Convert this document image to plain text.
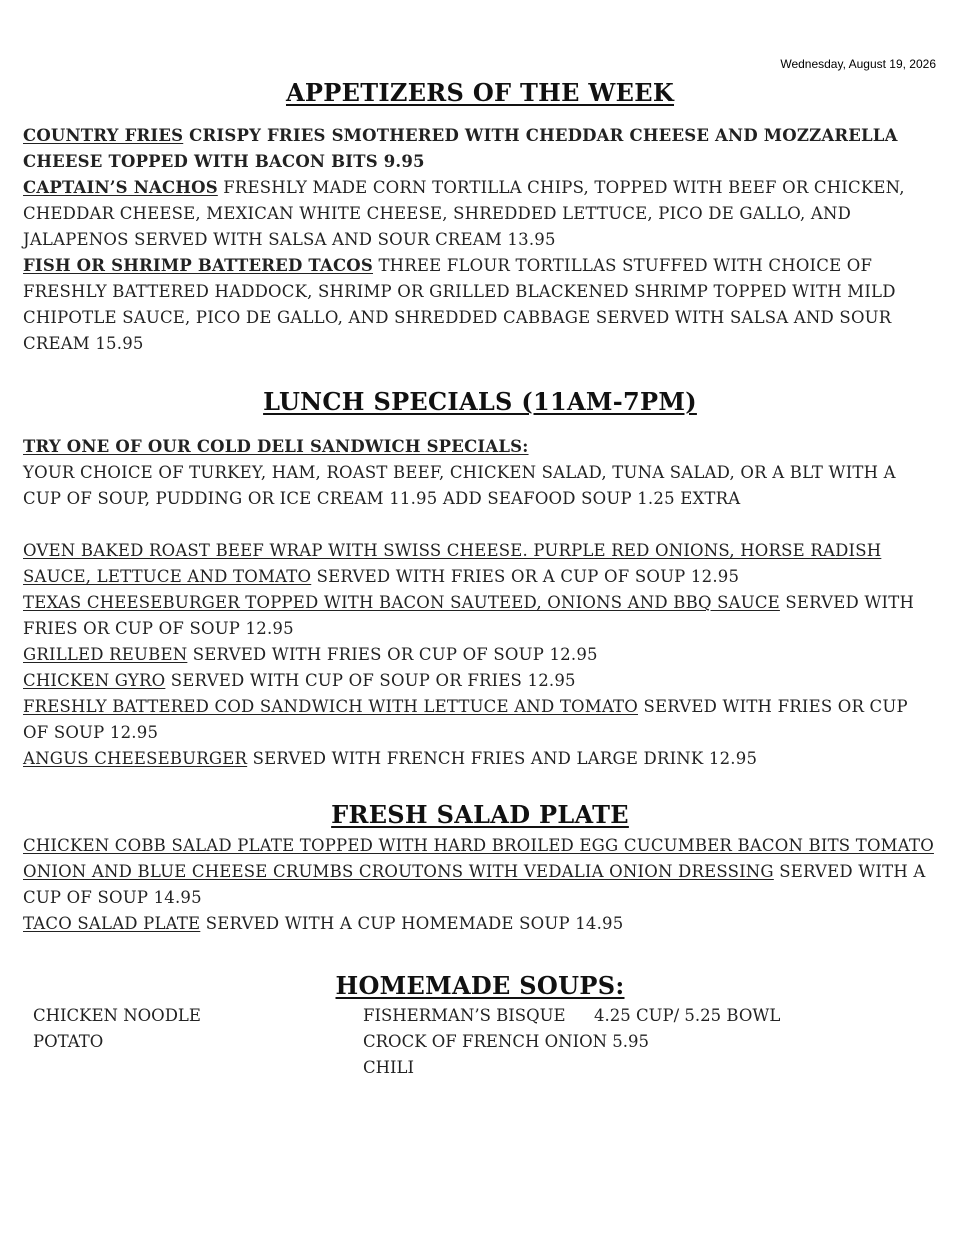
Wednesday, August 19, 2026
APPETIZERS OF THE WEEK

COUNTRY FRIES CRISPY FRIES SMOTHERED WITH CHEDDAR CHEESE AND MOZZARELLA CHEESE TOPPED WITH BACON BITS 9.95

CAPTAIN’S NACHOS FRESHLY MADE CORN TORTILLA CHIPS, TOPPED WITH BEEF OR CHICKEN, CHEDDAR CHEESE, MEXICAN WHITE CHEESE, SHREDDED LETTUCE, PICO DE GALLO, AND JALAPENOS SERVED WITH SALSA AND SOUR CREAM 13.95

FISH OR SHRIMP BATTERED TACOS THREE FLOUR TORTILLAS STUFFED WITH CHOICE OF FRESHLY BATTERED HADDOCK, SHRIMP OR GRILLED BLACKENED SHRIMP TOPPED WITH MILD CHIPOTLE SAUCE, PICO DE GALLO, AND SHREDDED CABBAGE SERVED WITH SALSA AND SOUR CREAM 15.95

LUNCH SPECIALS (11AM-7PM)

TRY ONE OF OUR COLD DELI SANDWICH SPECIALS:

YOUR CHOICE OF TURKEY, HAM, ROAST BEEF, CHICKEN SALAD, TUNA SALAD, OR A BLT WITH A CUP OF SOUP, PUDDING OR ICE CREAM 11.95 ADD SEAFOOD SOUP 1.25 EXTRA

OVEN BAKED ROAST BEEF WRAP WITH SWISS CHEESE. PURPLE RED ONIONS, HORSE RADISH SAUCE, LETTUCE AND TOMATO SERVED WITH FRIES OR A CUP OF SOUP 12.95

TEXAS CHEESEBURGER TOPPED WITH BACON SAUTEED, ONIONS AND BBQ SAUCE SERVED WITH FRIES OR CUP OF SOUP 12.95

GRILLED REUBEN SERVED WITH FRIES OR CUP OF SOUP 12.95

CHICKEN GYRO SERVED WITH CUP OF SOUP OR FRIES 12.95

FRESHLY BATTERED COD SANDWICH WITH LETTUCE AND TOMATO SERVED WITH FRIES OR CUP OF SOUP 12.95

ANGUS CHEESEBURGER SERVED WITH FRENCH FRIES AND LARGE DRINK 12.95

FRESH SALAD PLATE

CHICKEN COBB SALAD PLATE TOPPED WITH HARD BROILED EGG CUCUMBER BACON BITS TOMATO ONION AND BLUE CHEESE CRUMBS CROUTONS WITH VEDALIA ONION DRESSING SERVED WITH A CUP OF SOUP 14.95

TACO SALAD PLATE SERVED WITH A CUP HOMEMADE SOUP 14.95

HOMEMADE SOUPS:
CHICKEN NOODLE
POTATO
FISHERMAN’S BISQUE 4.25 CUP/ 5.25 BOWL
CROCK OF FRENCH ONION 5.95
CHILI
